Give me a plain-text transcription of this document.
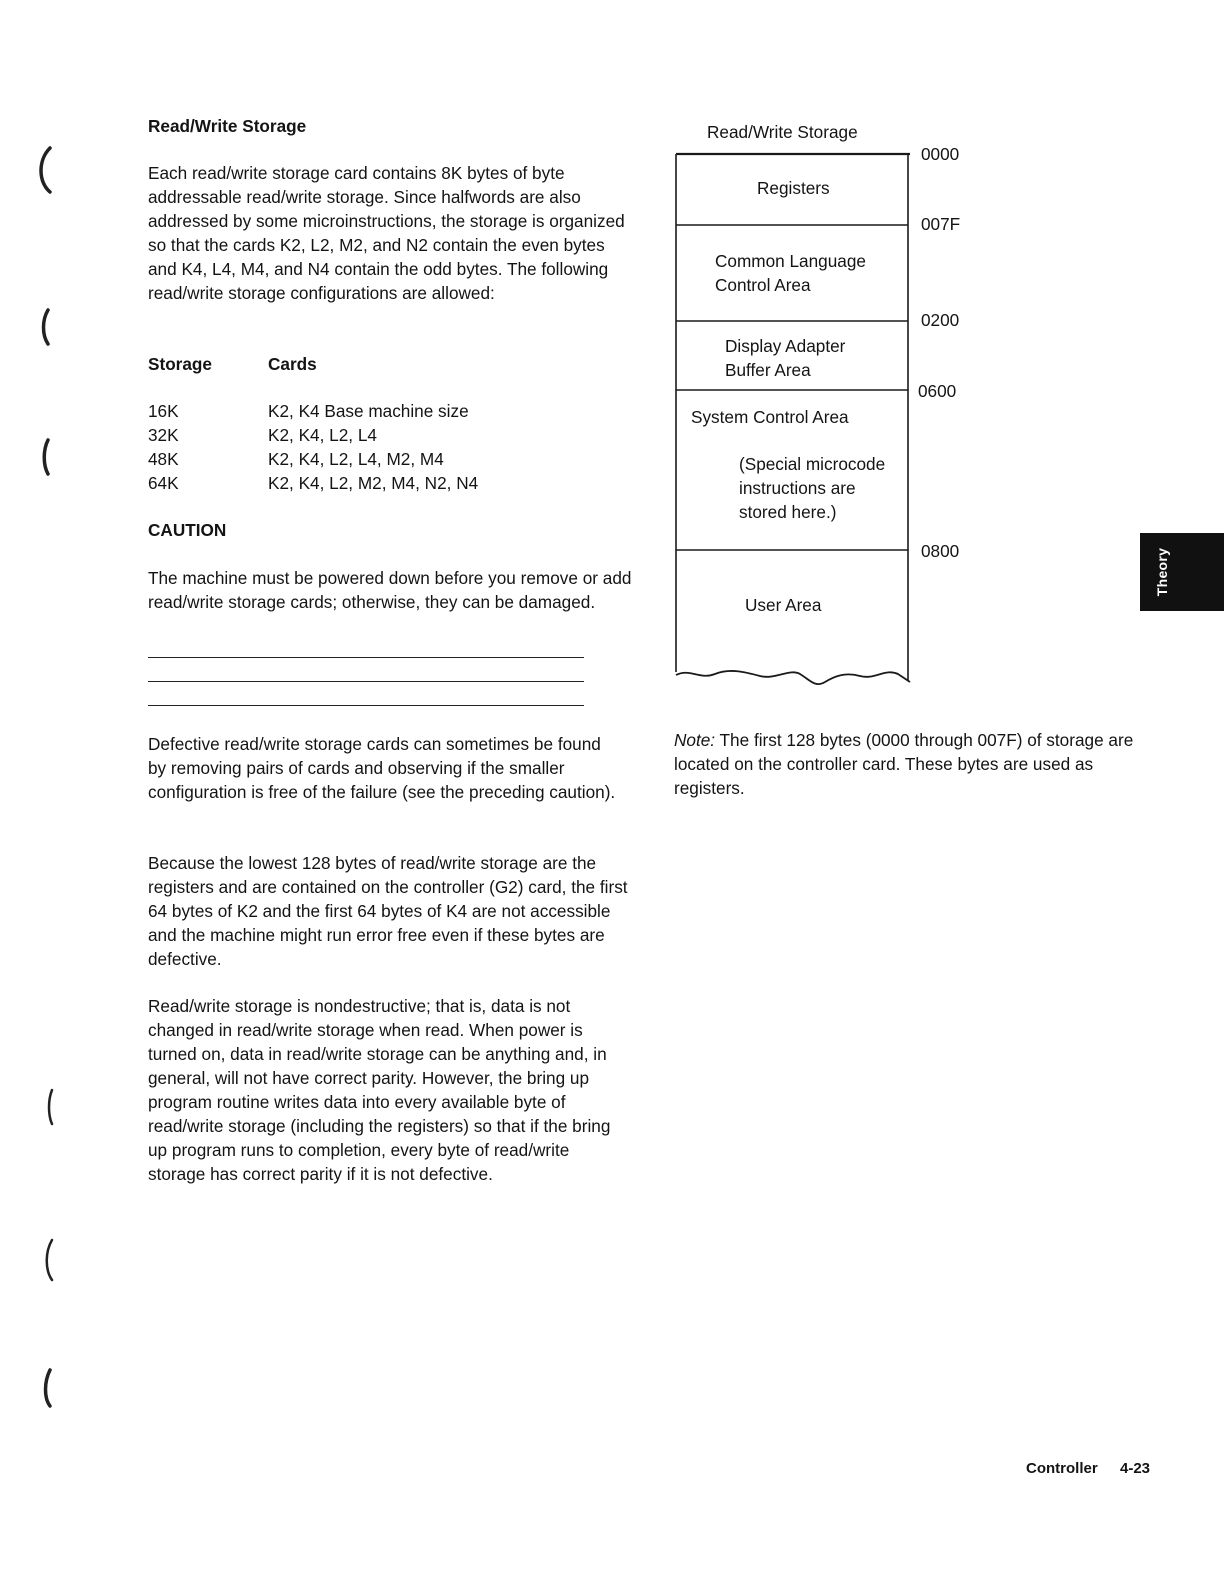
Read/Write Storage

Each read/write storage card contains 8K bytes of byte addressable read/write storage. Since halfwords are also addressed by some microinstructions, the storage is organized so that the cards K2, L2, M2, and N2 contain the even bytes and K4, L4, M4, and N4 contain the odd bytes. The following read/write storage configurations are allowed:

Storage	Cards
16K	K2, K4 Base machine size
32K	K2, K4, L2, L4
48K	K2, K4, L2, L4, M2, M4
64K	K2, K4, L2, M2, M4, N2, N4
CAUTION

The machine must be powered down before you remove or add read/write storage cards; otherwise, they can be damaged.

Defective read/write storage cards can sometimes be found by removing pairs of cards and observing if the smaller configuration is free of the failure (see the preceding caution).

Because the lowest 128 bytes of read/write storage are the registers and are contained on the controller (G2) card, the first 64 bytes of K2 and the first 64 bytes of K4 are not accessible and the machine might run error free even if these bytes are defective.

Read/write storage is nondestructive; that is, data is not changed in read/write storage when read. When power is turned on, data in read/write storage can be anything and, in general, will not have correct parity. However, the bring up program routine writes data into every available byte of read/write storage (including the registers) so that if the bring up program runs to completion, every byte of read/write storage has correct parity if it is not defective.

Read/Write Storage
Registers
Common Language
Control Area
Display Adapter
Buffer Area
System Control Area
(Special microcode
instructions are
stored here.)
User Area
0000
007F
0200
0600
0800

Note: The first 128 bytes (0000 through 007F) of storage are located on the controller card. These bytes are used as registers.

Theory
Controller 4-23
